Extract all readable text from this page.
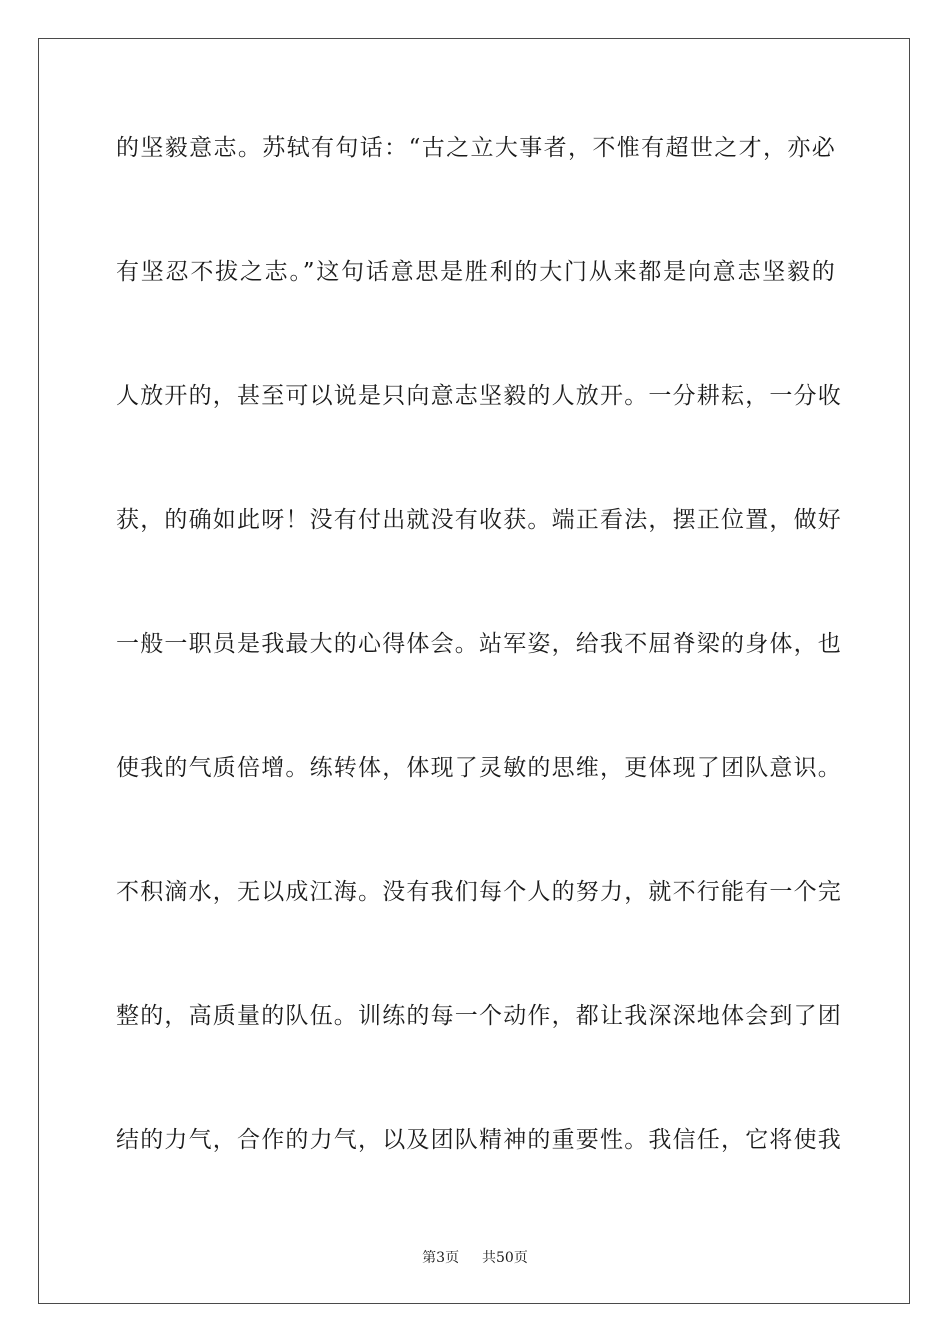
的坚毅意志。苏轼有句话：“古之立大事者，不惟有超世之才，亦必
有坚忍不拔之志。”这句话意思是胜利的大门从来都是向意志坚毅的
人放开的，甚至可以说是只向意志坚毅的人放开。一分耕耘，一分收
获，的确如此呀！没有付出就没有收获。端正看法，摆正位置，做好
一般一职员是我最大的心得体会。站军姿，给我不屈脊梁的身体，也
使我的气质倍增。练转体，体现了灵敏的思维，更体现了团队意识。
不积滴水，无以成江海。没有我们每个人的努力，就不行能有一个完
整的，高质量的队伍。训练的每一个动作，都让我深深地体会到了团
结的力气，合作的力气，以及团队精神的重要性。我信任，它将使我
第3页 共50页
